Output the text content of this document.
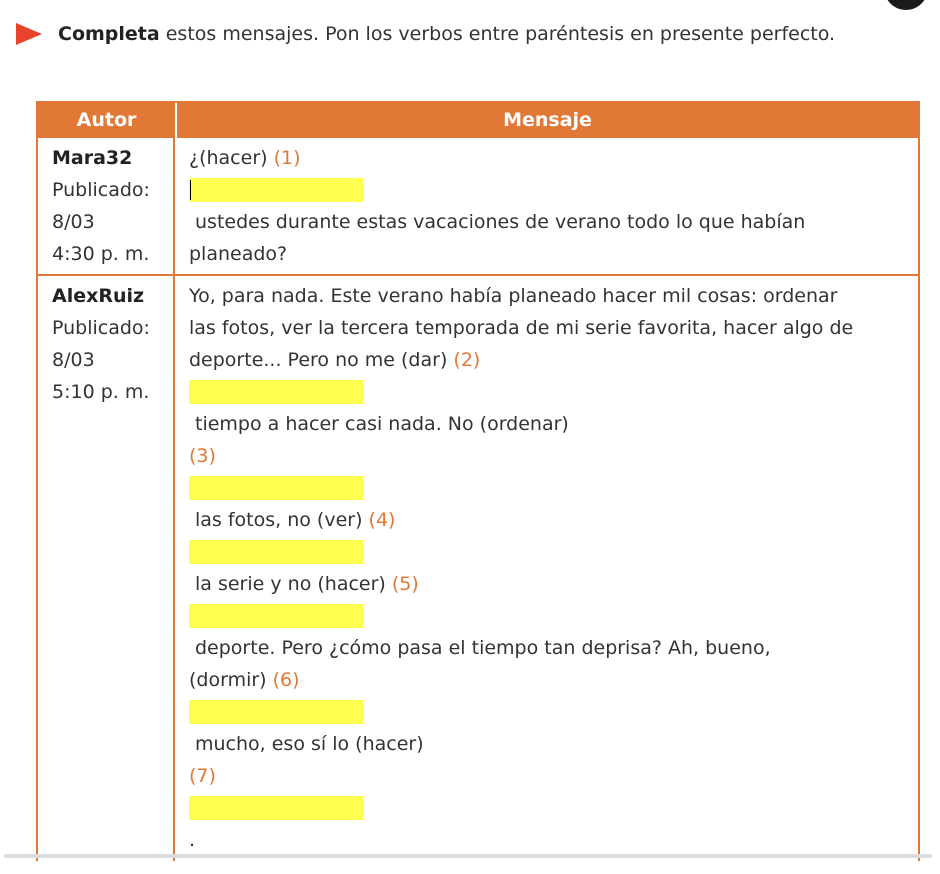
Completa estos mensajes. Pon los verbos entre paréntesis en presente perfecto.
Autor	Mensaje
Mara32
Publicado:
8/03
4:30 p. m.
¿(hacer) (1)
ustedes durante estas vacaciones de verano todo lo que habían
planeado?
AlexRuiz
Publicado:
8/03
5:10 p. m.
Yo, para nada. Este verano había planeado hacer mil cosas: ordenar
las fotos, ver la tercera temporada de mi serie favorita, hacer algo de
deporte... Pero no me (dar) (2)
tiempo a hacer casi nada. No (ordenar)
(3)
las fotos, no (ver) (4)
la serie y no (hacer) (5)
deporte. Pero ¿cómo pasa el tiempo tan deprisa? Ah, bueno,
(dormir) (6)
mucho, eso sí lo (hacer)
(7)
.
